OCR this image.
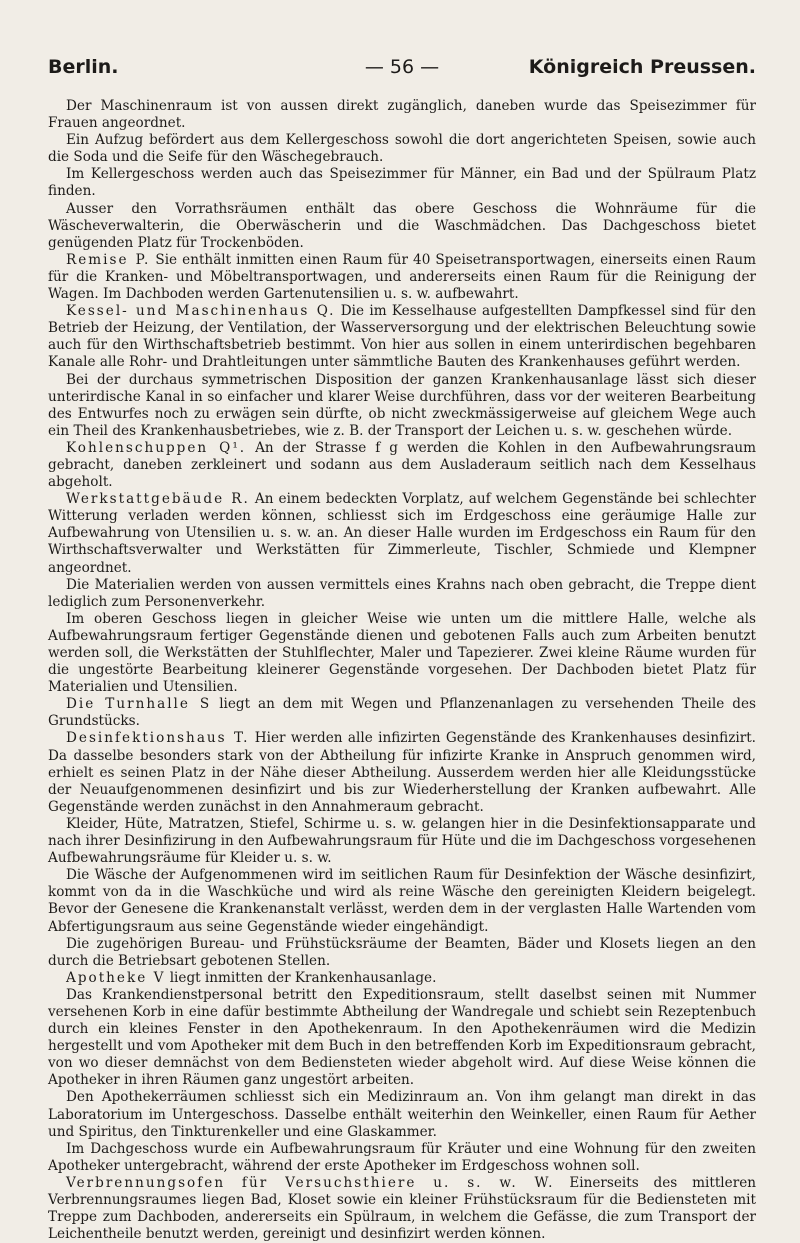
Berlin.	— 56 —	Königreich Preussen.

Der Maschinenraum ist von aussen direkt zugänglich, daneben wurde das Speisezimmer für Frauen angeordnet.

Ein Aufzug befördert aus dem Kellergeschoss sowohl die dort angerichteten Speisen, sowie auch die Soda und die Seife für den Wäschegebrauch.

Im Kellergeschoss werden auch das Speisezimmer für Männer, ein Bad und der Spülraum Platz finden.

Ausser den Vorrathsräumen enthält das obere Geschoss die Wohnräume für die Wäscheverwalterin, die Oberwäscherin und die Waschmädchen. Das Dachgeschoss bietet genügenden Platz für Trockenböden.

Remise P. Sie enthält inmitten einen Raum für 40 Speisetransportwagen, einerseits einen Raum für die Kranken- und Möbeltransportwagen, und andererseits einen Raum für die Reinigung der Wagen. Im Dachboden werden Gartenutensilien u. s. w. aufbewahrt.

Kessel- und Maschinenhaus Q. Die im Kesselhause aufgestellten Dampfkessel sind für den Betrieb der Heizung, der Ventilation, der Wasserversorgung und der elektrischen Beleuchtung sowie auch für den Wirthschaftsbetrieb bestimmt. Von hier aus sollen in einem unterirdischen begehbaren Kanale alle Rohr- und Drahtleitungen unter sämmtliche Bauten des Krankenhauses geführt werden.

Bei der durchaus symmetrischen Disposition der ganzen Krankenhausanlage lässt sich dieser unterirdische Kanal in so einfacher und klarer Weise durchführen, dass vor der weiteren Bearbeitung des Entwurfes noch zu erwägen sein dürfte, ob nicht zweckmässigerweise auf gleichem Wege auch ein Theil des Krankenhausbetriebes, wie z. B. der Transport der Leichen u. s. w. geschehen würde.

Kohlenschuppen Q¹. An der Strasse f g werden die Kohlen in den Aufbewahrungsraum gebracht, daneben zerkleinert und sodann aus dem Ausladeraum seitlich nach dem Kesselhaus abgeholt.

Werkstattgebäude R. An einem bedeckten Vorplatz, auf welchem Gegenstände bei schlechter Witterung verladen werden können, schliesst sich im Erdgeschoss eine geräumige Halle zur Aufbewahrung von Utensilien u. s. w. an. An dieser Halle wurden im Erdgeschoss ein Raum für den Wirthschaftsverwalter und Werkstätten für Zimmerleute, Tischler, Schmiede und Klempner angeordnet.

Die Materialien werden von aussen vermittels eines Krahns nach oben gebracht, die Treppe dient lediglich zum Personenverkehr.

Im oberen Geschoss liegen in gleicher Weise wie unten um die mittlere Halle, welche als Aufbewahrungsraum fertiger Gegenstände dienen und gebotenen Falls auch zum Arbeiten benutzt werden soll, die Werkstätten der Stuhlflechter, Maler und Tapezierer. Zwei kleine Räume wurden für die ungestörte Bearbeitung kleinerer Gegenstände vorgesehen. Der Dachboden bietet Platz für Materialien und Utensilien.

Die Turnhalle S liegt an dem mit Wegen und Pflanzenanlagen zu versehenden Theile des Grundstücks.

Desinfektionshaus T. Hier werden alle infizirten Gegenstände des Krankenhauses desinfizirt. Da dasselbe besonders stark von der Abtheilung für infizirte Kranke in Anspruch genommen wird, erhielt es seinen Platz in der Nähe dieser Abtheilung. Ausserdem werden hier alle Kleidungsstücke der Neuaufgenommenen desinfizirt und bis zur Wiederherstellung der Kranken aufbewahrt. Alle Gegenstände werden zunächst in den Annahmeraum gebracht.

Kleider, Hüte, Matratzen, Stiefel, Schirme u. s. w. gelangen hier in die Desinfektionsapparate und nach ihrer Desinfizirung in den Aufbewahrungsraum für Hüte und die im Dachgeschoss vorgesehenen Aufbewahrungsräume für Kleider u. s. w.

Die Wäsche der Aufgenommenen wird im seitlichen Raum für Desinfektion der Wäsche desinfizirt, kommt von da in die Waschküche und wird als reine Wäsche den gereinigten Kleidern beigelegt. Bevor der Genesene die Krankenanstalt verlässt, werden dem in der verglasten Halle Wartenden vom Abfertigungsraum aus seine Gegenstände wieder eingehändigt.

Die zugehörigen Bureau- und Frühstücksräume der Beamten, Bäder und Klosets liegen an den durch die Betriebsart gebotenen Stellen.

Apotheke V liegt inmitten der Krankenhausanlage.

Das Krankendienstpersonal betritt den Expeditionsraum, stellt daselbst seinen mit Nummer versehenen Korb in eine dafür bestimmte Abtheilung der Wandregale und schiebt sein Rezeptenbuch durch ein kleines Fenster in den Apothekenraum. In den Apothekenräumen wird die Medizin hergestellt und vom Apotheker mit dem Buch in den betreffenden Korb im Expeditionsraum gebracht, von wo dieser demnächst von dem Bediensteten wieder abgeholt wird. Auf diese Weise können die Apotheker in ihren Räumen ganz ungestört arbeiten.

Den Apothekerräumen schliesst sich ein Medizinraum an. Von ihm gelangt man direkt in das Laboratorium im Untergeschoss. Dasselbe enthält weiterhin den Weinkeller, einen Raum für Aether und Spiritus, den Tinkturenkeller und eine Glaskammer.

Im Dachgeschoss wurde ein Aufbewahrungsraum für Kräuter und eine Wohnung für den zweiten Apotheker untergebracht, während der erste Apotheker im Erdgeschoss wohnen soll.

Verbrennungsofen für Versuchsthiere u. s. w. W. Einerseits des mittleren Verbrennungsraumes liegen Bad, Kloset sowie ein kleiner Frühstücksraum für die Bediensteten mit Treppe zum Dachboden, andererseits ein Spülraum, in welchem die Gefässe, die zum Transport der Leichentheile benutzt werden, gereinigt und desinfizirt werden können.
